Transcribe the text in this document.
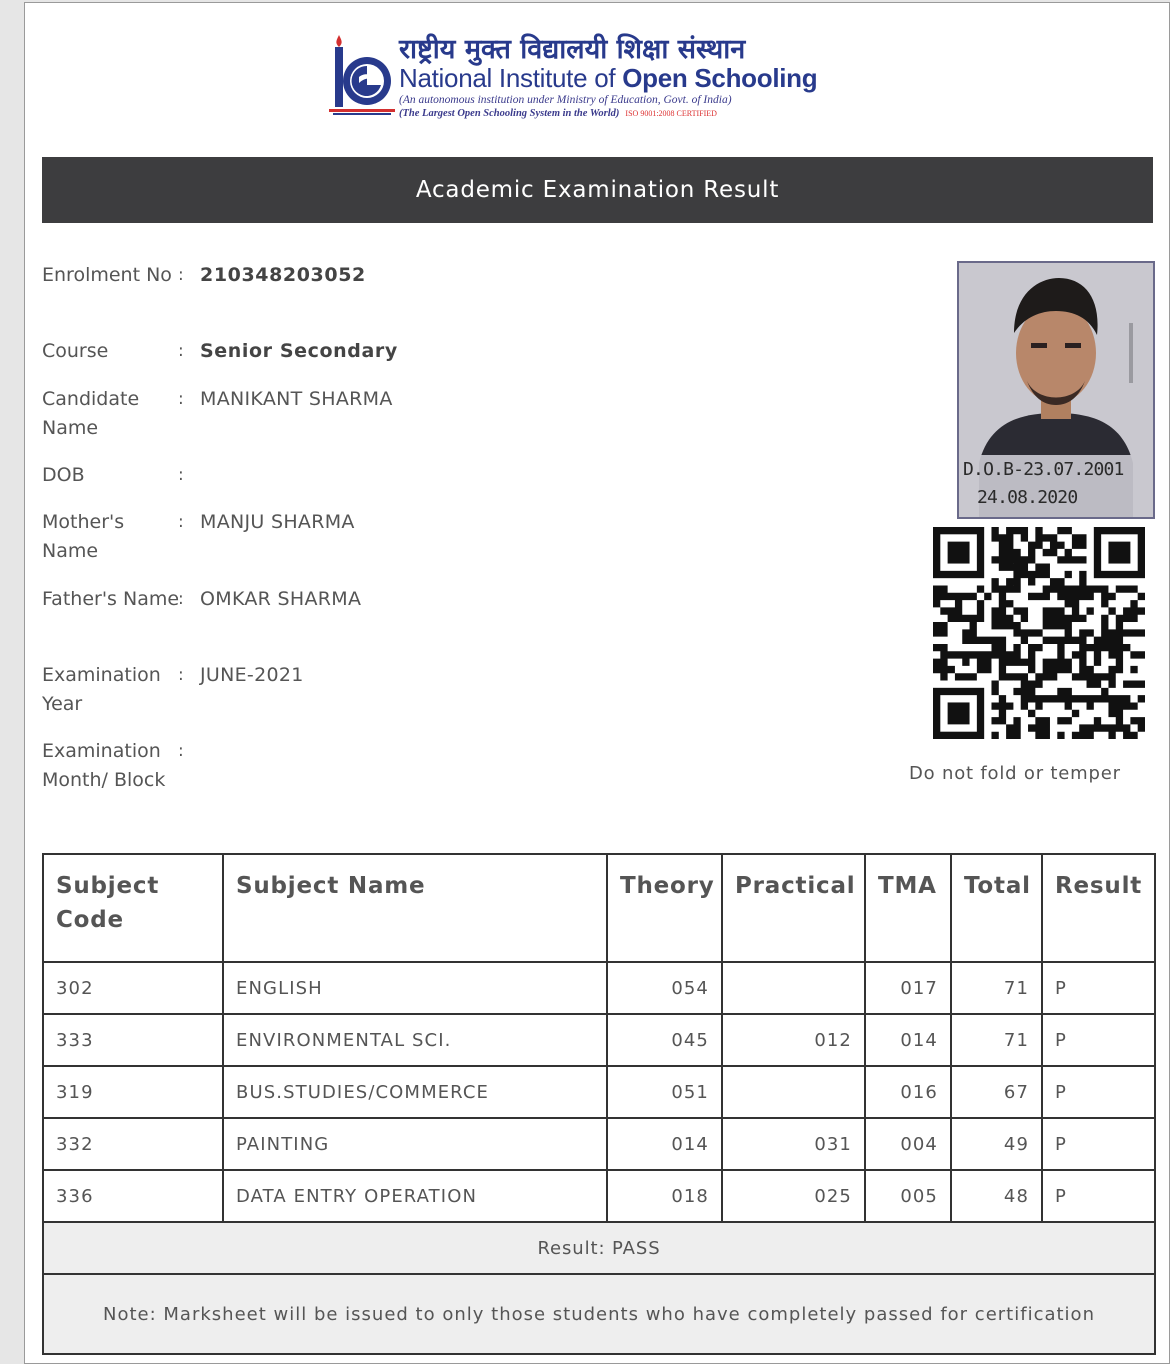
राष्ट्रीय मुक्त विद्यालयी शिक्षा संस्थान
National Institute of Open Schooling
(An autonomous institution under Ministry of Education, Govt. of India)
(The Largest Open Schooling System in the World) ISO 9001:2008 CERTIFIED
Academic Examination Result
Enrolment No : 210348203052
Course	: Senior Secondary
Candidate Name
: MANIKANT SHARMA
DOB	:
Mother's Name
: MANJU SHARMA
Father's Name
: OMKAR SHARMA
Examination Year
: JUNE-2021
Examination Month/ Block
:
D.O.B-23.07.2001
24.08.2020
Do not fold or temper
Subject Code	Subject Name	Theory	Practical	TMA	Total	Result
302	ENGLISH	054		017	71	P
333	ENVIRONMENTAL SCI.	045	012	014	71	P
319	BUS.STUDIES/COMMERCE	051		016	67	P
332	PAINTING	014	031	004	49	P
336	DATA ENTRY OPERATION	018	025	005	48	P
Result: PASS						
Note: Marksheet will be issued to only those students who have completely passed for certification						
